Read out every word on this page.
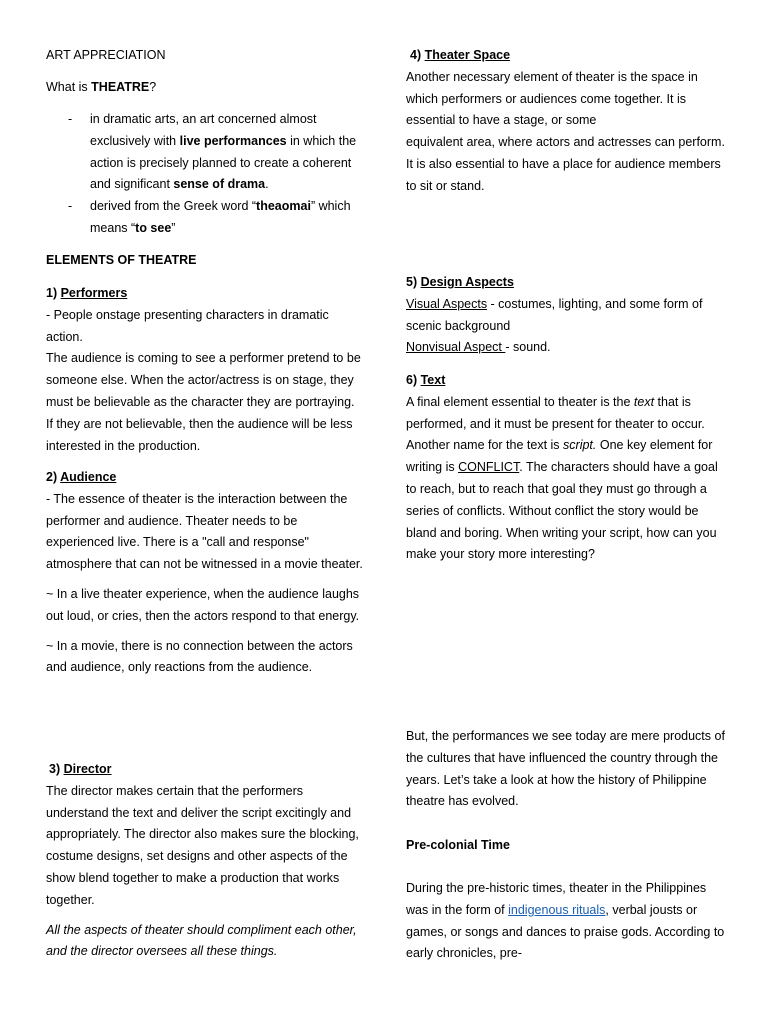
ART APPRECIATION

What is THEATRE?

- in dramatic arts, an art concerned almost exclusively with live performances in which the action is precisely planned to create a coherent and significant sense of drama.
- derived from the Greek word “theaomai” which means “to see”

ELEMENTS OF THEATRE

1) Performers

- People onstage presenting characters in dramatic action.

The audience is coming to see a performer pretend to be someone else. When the actor/actress is on stage, they must be believable as the character they are portraying. If they are not believable, then the audience will be less interested in the production.

2) Audience

- The essence of theater is the interaction between the performer and audience. Theater needs to be experienced live. There is a "call and response" atmosphere that can not be witnessed in a movie theater.

~ In a live theater experience, when the audience laughs out loud, or cries, then the actors respond to that energy.

~ In a movie, there is no connection between the actors and audience, only reactions from the audience.

3) Director

The director makes certain that the performers understand the text and deliver the script excitingly and appropriately. The director also makes sure the blocking, costume designs, set designs and other aspects of the show blend together to make a production that works together.

All the aspects of theater should compliment each other, and the director oversees all these things.

4) Theater Space

Another necessary element of theater is the space in which performers or audiences come together. It is essential to have a stage, or some

equivalent area, where actors and actresses can perform. It is also essential to have a place for audience members to sit or stand.

5) Design Aspects

Visual Aspects - costumes, lighting, and some form of scenic background

Nonvisual Aspect - sound.

6) Text

A final element essential to theater is the text that is performed, and it must be present for theater to occur. Another name for the text is script. One key element for writing is CONFLICT. The characters should have a goal to reach, but to reach that goal they must go through a series of conflicts. Without conflict the story would be bland and boring. When writing your script, how can you make your story more interesting?

But, the performances we see today are mere products of the cultures that have influenced the country through the years. Let’s take a look at how the history of Philippine theatre has evolved.

Pre-colonial Time

During the pre-historic times, theater in the Philippines was in the form of indigenous rituals, verbal jousts or games, or songs and dances to praise gods. According to early chronicles, pre-
